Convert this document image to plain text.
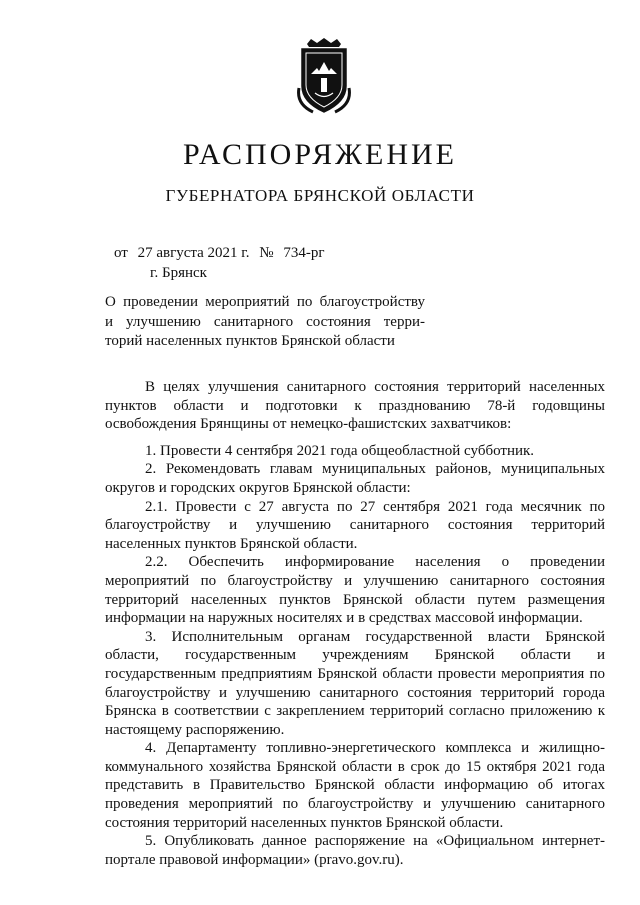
РАСПОРЯЖЕНИЕ
ГУБЕРНАТОРА БРЯНСКОЙ ОБЛАСТИ
от 27 августа 2021 г. № 734-рг
г. Брянск
О проведении мероприятий по благоустройству
и улучшению санитарного состояния терри-
торий населенных пунктов Брянской области

В целях улучшения санитарного состояния территорий населенных пунктов области и подготовки к празднованию 78-й годовщины освобождения Брянщины от немецко-фашистских захватчиков:

1. Провести 4 сентября 2021 года общеобластной субботник.

2. Рекомендовать главам муниципальных районов, муниципальных округов и городских округов Брянской области:

2.1. Провести с 27 августа по 27 сентября 2021 года месячник по благоустройству и улучшению санитарного состояния территорий населенных пунктов Брянской области.

2.2. Обеспечить информирование населения о проведении мероприятий по благоустройству и улучшению санитарного состояния территорий населенных пунктов Брянской области путем размещения информации на наружных носителях и в средствах массовой информации.

3. Исполнительным органам государственной власти Брянской области, государственным учреждениям Брянской области и государственным предприятиям Брянской области провести мероприятия по благоустройству и улучшению санитарного состояния территорий города Брянска в соответствии с закреплением территорий согласно приложению к настоящему распоряжению.

4. Департаменту топливно-энергетического комплекса и жилищно-коммунального хозяйства Брянской области в срок до 15 октября 2021 года представить в Правительство Брянской области информацию об итогах проведения мероприятий по благоустройству и улучшению санитарного состояния территорий населенных пунктов Брянской области.

5. Опубликовать данное распоряжение на «Официальном интернет-портале правовой информации» (pravo.gov.ru).
